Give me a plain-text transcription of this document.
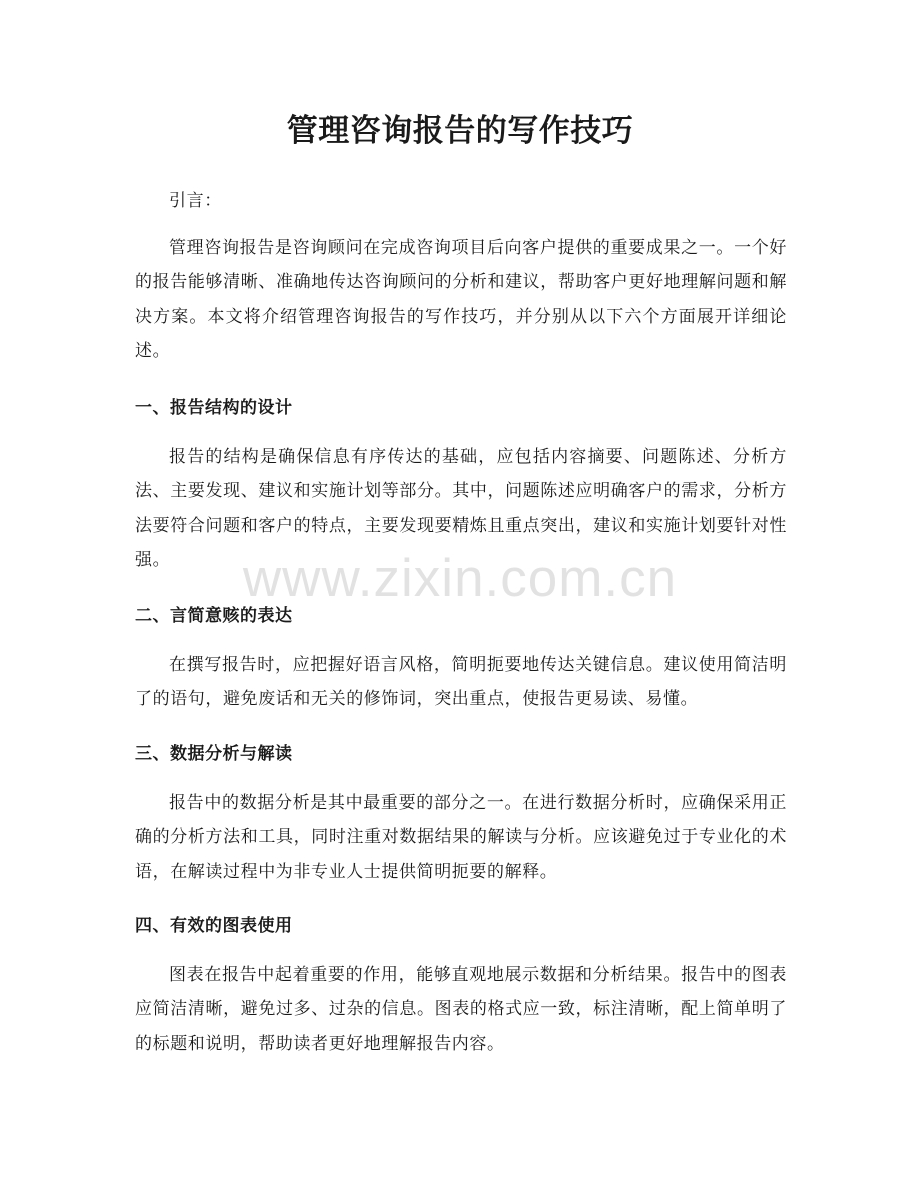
管理咨询报告的写作技巧

引言：

管理咨询报告是咨询顾问在完成咨询项目后向客户提供的重要成果之一。一个好的报告能够清晰、准确地传达咨询顾问的分析和建议，帮助客户更好地理解问题和解决方案。本文将介绍管理咨询报告的写作技巧，并分别从以下六个方面展开详细论述。

一、报告结构的设计

报告的结构是确保信息有序传达的基础，应包括内容摘要、问题陈述、分析方法、主要发现、建议和实施计划等部分。其中，问题陈述应明确客户的需求，分析方法要符合问题和客户的特点，主要发现要精炼且重点突出，建议和实施计划要针对性强。

二、言简意赅的表达

在撰写报告时，应把握好语言风格，简明扼要地传达关键信息。建议使用简洁明了的语句，避免废话和无关的修饰词，突出重点，使报告更易读、易懂。

三、数据分析与解读

报告中的数据分析是其中最重要的部分之一。在进行数据分析时，应确保采用正确的分析方法和工具，同时注重对数据结果的解读与分析。应该避免过于专业化的术语，在解读过程中为非专业人士提供简明扼要的解释。

四、有效的图表使用

图表在报告中起着重要的作用，能够直观地展示数据和分析结果。报告中的图表应简洁清晰，避免过多、过杂的信息。图表的格式应一致，标注清晰，配上简单明了的标题和说明，帮助读者更好地理解报告内容。

www.zixin.com.cn
